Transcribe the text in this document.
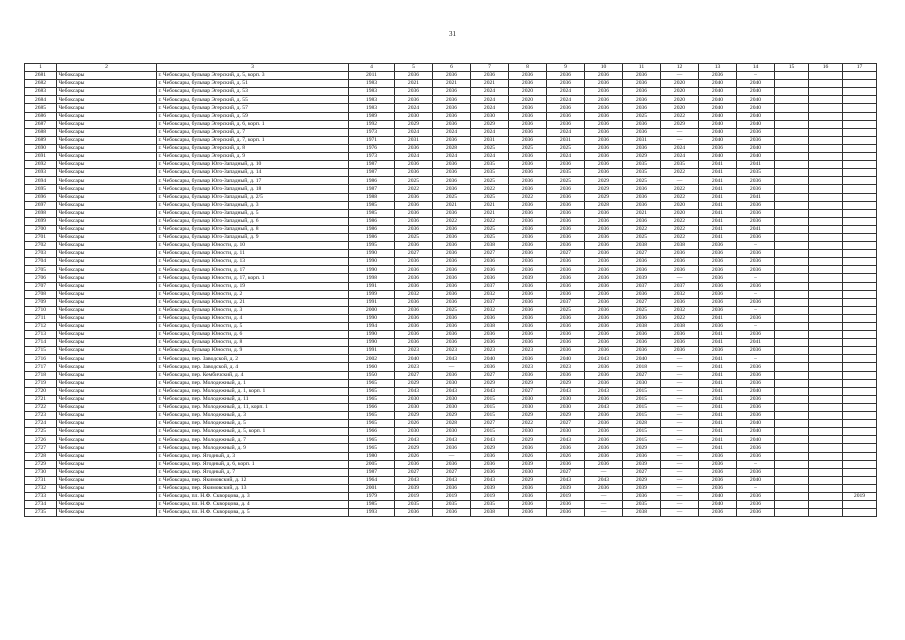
31
1	2	3	4	5	6	7	8	9	10	11	12	13	14	15	16	17
2681	Чебоксары	г. Чебоксары, бульвар Эгерский, д. 5, корп. 3	2011	2036	2036	2036	2036	2036	2036	2036	—	2036	–			
2682	Чебоксары	г. Чебоксары, бульвар Эгерский, д. 51	1983	2021	2021	2021	2036	2036	2036	2036	2020	2040	2040			
2683	Чебоксары	г. Чебоксары, бульвар Эгерский, д. 53	1983	2036	2036	2024	2020	2024	2036	2036	2020	2040	2040			
2684	Чебоксары	г. Чебоксары, бульвар Эгерский, д. 55	1983	2036	2036	2024	2020	2024	2036	2036	2020	2040	2040			
2685	Чебоксары	г. Чебоксары, бульвар Эгерский, д. 57	1983	2024	2036	2024	2036	2036	2036	2036	2020	2040	2040			
2686	Чебоксары	г. Чебоксары, бульвар Эгерский, д. 59	1989	2030	2036	2030	2036	2036	2036	2025	2022	2040	2040			
2687	Чебоксары	г. Чебоксары, бульвар Эгерский, д. 6, корп. 1	1992	2029	2036	2029	2036	2036	2036	2036	2029	2040	2040			
2688	Чебоксары	г. Чебоксары, бульвар Эгерский, д. 7	1973	2024	2024	2024	2036	2024	2036	2036	—	2040	2036			
2689	Чебоксары	г. Чебоксары, бульвар Эгерский, д. 7, корп. 1	1971	2031	2036	2031	2036	2031	2036	2031	—	2040	2036			
2690	Чебоксары	г. Чебоксары, бульвар Эгерский, д. 8	1976	2036	2028	2025	2025	2025	2036	2036	2024	2036	2040			
2691	Чебоксары	г. Чебоксары, бульвар Эгерский, д. 9	1973	2024	2024	2024	2036	2024	2036	2029	2024	2040	2040			
2692	Чебоксары	г. Чебоксары, бульвар Юго-Западный, д. 10	1987	2036	2036	2035	2036	2036	2036	2035	2035	2041	2041			
2693	Чебоксары	г. Чебоксары, бульвар Юго-Западный, д. 14	1987	2036	2036	2035	2036	2035	2036	2035	2022	2041	2035			
2694	Чебоксары	г. Чебоксары, бульвар Юго-Западный, д. 17	1986	2025	2036	2025	2036	2025	2029	2025	—	2041	2036			
2695	Чебоксары	г. Чебоксары, бульвар Юго-Западный, д. 18	1987	2022	2036	2022	2036	2036	2029	2036	2022	2041	2036			
2696	Чебоксары	г. Чебоксары, бульвар Юго-Западный, д. 2/5	1988	2036	2025	2025	2022	2036	2029	2036	2022	2041	2041			
2697	Чебоксары	г. Чебоксары, бульвар Юго-Западный, д. 3	1985	2036	2021	2021	2036	2036	2028	2036	2020	2041	2036			
2698	Чебоксары	г. Чебоксары, бульвар Юго-Западный, д. 5	1985	2036	2036	2021	2036	2036	2036	2021	2020	2041	2036			
2699	Чебоксары	г. Чебоксары, бульвар Юго-Западный, д. 6	1986	2036	2022	2022	2036	2036	2036	2036	2022	2041	2036			
2700	Чебоксары	г. Чебоксары, бульвар Юго-Западный, д. 8	1986	2036	2036	2025	2036	2036	2036	2022	2022	2041	2041			
2701	Чебоксары	г. Чебоксары, бульвар Юго-Западный, д. 9	1986	2025	2036	2025	2036	2036	2036	2025	2022	2041	2036			
2702	Чебоксары	г. Чебоксары, бульвар Юности, д. 10	1995	2036	2036	2038	2036	2036	2036	2038	2038	2036	–			
2703	Чебоксары	г. Чебоксары, бульвар Юности, д. 11	1990	2027	2036	2027	2036	2027	2036	2027	2036	2036	2036			
2704	Чебоксары	г. Чебоксары, бульвар Юности, д. 13	1990	2036	2036	2036	2036	2036	2036	2036	2036	2036	2036			
2705	Чебоксары	г. Чебоксары, бульвар Юности, д. 17	1990	2036	2036	2036	2036	2036	2036	2036	2036	2036	2036			
2706	Чебоксары	г. Чебоксары, бульвар Юности, д. 17, корп. 1	1998	2036	2036	2036	2039	2036	2036	2039	—	2036	–			
2707	Чебоксары	г. Чебоксары, бульвар Юности, д. 19	1991	2036	2036	2037	2036	2036	2036	2037	2037	2036	2036			
2708	Чебоксары	г. Чебоксары, бульвар Юности, д. 2	1999	2032	2036	2032	2036	2036	2036	2036	2032	2036	–			
2709	Чебоксары	г. Чебоксары, бульвар Юности, д. 21	1991	2036	2036	2037	2036	2037	2036	2027	2036	2036	2036			
2710	Чебоксары	г. Чебоксары, бульвар Юности, д. 3	2000	2036	2025	2032	2036	2025	2036	2025	2032	2036	–			
2711	Чебоксары	г. Чебоксары, бульвар Юности, д. 4	1990	2036	2036	2036	2036	2036	2036	2036	2022	2041	2036			
2712	Чебоксары	г. Чебоксары, бульвар Юности, д. 5	1994	2036	2036	2038	2036	2036	2036	2038	2038	2036	–			
2713	Чебоксары	г. Чебоксары, бульвар Юности, д. 6	1990	2036	2036	2036	2036	2036	2036	2036	2036	2041	2036			
2714	Чебоксары	г. Чебоксары, бульвар Юности, д. 8	1990	2036	2036	2036	2036	2036	2036	2036	2036	2041	2041			
2715	Чебоксары	г. Чебоксары, бульвар Юности, д. 9	1991	2023	2023	2023	2023	2036	2036	2036	2036	2036	2036			
2716	Чебоксары	г. Чебоксары, пер. Заводской, д. 2	2002	2040	2043	2040	2036	2040	2043	2040	—	2041	–			
2717	Чебоксары	г. Чебоксары, пер. Заводской, д. 4	1960	2023	—	2036	2023	2023	2036	2018	—	2041	2036			
2718	Чебоксары	г. Чебоксары, пер. Кембичский, д. 4	1950	2027	2036	2027	2036	2036	2036	2027	—	2041	2036			
2719	Чебоксары	г. Чебоксары, пер. Молодежный, д. 1	1965	2029	2030	2029	2029	2029	2036	2030	—	2041	2036			
2720	Чебоксары	г. Чебоксары, пер. Молодежный, д. 1, корп. 1	1965	2043	2043	2043	2027	2043	2043	2015	—	2041	2040			
2721	Чебоксары	г. Чебоксары, пер. Молодежный, д. 11	1965	2030	2030	2015	2030	2030	2036	2015	—	2041	2036			
2722	Чебоксары	г. Чебоксары, пер. Молодежный, д. 11, корп. 1	1966	2030	2030	2015	2030	2030	2043	2015	—	2041	2036			
2723	Чебоксары	г. Чебоксары, пер. Молодежный, д. 3	1965	2029	2029	2015	2029	2029	2036	2015	—	2041	2036			
2724	Чебоксары	г. Чебоксары, пер. Молодежный, д. 5	1965	2026	2028	2027	2022	2027	2036	2028	—	2041	2040			
2725	Чебоксары	г. Чебоксары, пер. Молодежный, д. 5, корп. 1	1966	2030	2030	2015	2030	2030	2036	2015	—	2041	2040			
2726	Чебоксары	г. Чебоксары, пер. Молодежный, д. 7	1965	2043	2043	2043	2029	2043	2036	2015	—	2041	2040			
2727	Чебоксары	г. Чебоксары, пер. Молодежный, д. 9	1965	2029	2036	2029	2036	2036	2036	2029	—	2041	2036			
2728	Чебоксары	г. Чебоксары, пер. Ягодный, д. 3	1980	2026	—	2036	2026	2026	2036	2036	—	2036	2036			
2729	Чебоксары	г. Чебоксары, пер. Ягодный, д. 6, корп. 1	2005	2036	2036	2036	2039	2036	2036	2039	—	2036	–			
2730	Чебоксары	г. Чебоксары, пер. Ягодный, д. 7	1987	2027	2027	2036	2030	2027	—	2027	—	2036	2036			
2731	Чебоксары	г. Чебоксары, пер. Якимовский, д. 12	1964	2043	2043	2043	2029	2043	2043	2029	—	2036	2040			
2732	Чебоксары	г. Чебоксары, пер. Якимовский, д. 13	2001	2039	2036	2039	2036	2039	2036	2039	—	2036	–			
2733	Чебоксары	г. Чебоксары, пл. Н.Ф. Скворцова, д. 3	1979	2019	2019	2019	2036	2019	—	2036	—	2040	2036			2019
2734	Чебоксары	г. Чебоксары, пл. Н.Ф. Скворцова, д. 4	1985	2035	2035	2035	2036	2036	—	2035	—	2040	2036			
2735	Чебоксары	г. Чебоксары, пл. Н.Ф. Скворцова, д. 5	1993	2036	2036	2038	2036	2036	—	2038	—	2036	2036			
